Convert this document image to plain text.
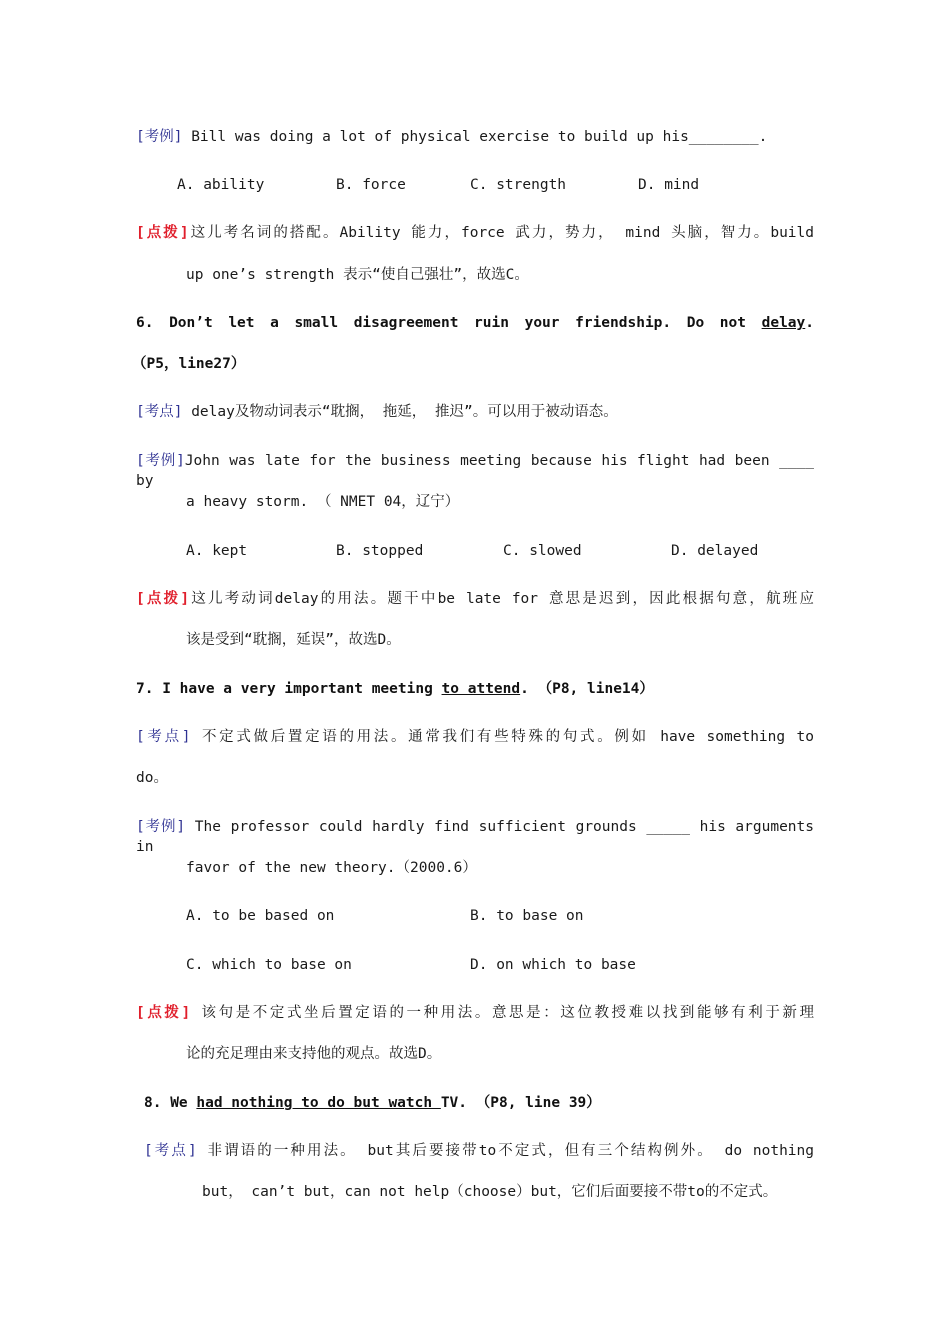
[考例] Bill was doing a lot of physical exercise to build up his________.
A. ability	B. force	C. strength	D. mind
[点拨]这儿考名词的搭配。Ability 能力，force 武力，势力， mind 头脑，智力。build
up one’s strength 表示“使自己强壮”，故选C。
6. Don’t let a small disagreement ruin your friendship. Do not delay.
（P5，line27）
[考点] delay及物动词表示“耽搁， 拖延， 推迟”。可以用于被动语态。
[考例]John was late for the business meeting because his flight had been ____ by
a heavy storm. （ NMET 04，辽宁）
A. kept	B. stopped	C. slowed	D. delayed
[点拨]这儿考动词delay的用法。题干中be late for 意思是迟到，因此根据句意，航班应
该是受到“耽搁，延误”，故选D。
7. I have a very important meeting to attend. （P8, line14）
[考点] 不定式做后置定语的用法。通常我们有些特殊的句式。例如 have something to
do。
[考例] The professor could hardly find sufficient grounds _____ his arguments in
favor of the new theory.（2000.6）
A. to be based on	B. to base on
C. which to base on	D. on which to base
[点拨] 该句是不定式坐后置定语的一种用法。意思是：这位教授难以找到能够有利于新理
论的充足理由来支持他的观点。故选D。
8. We had nothing to do but watch TV. （P8, line 39）
[考点] 非谓语的一种用法。 but其后要接带to不定式，但有三个结构例外。 do nothing
but， can’t but，can not help（choose）but，它们后面要接不带to的不定式。
